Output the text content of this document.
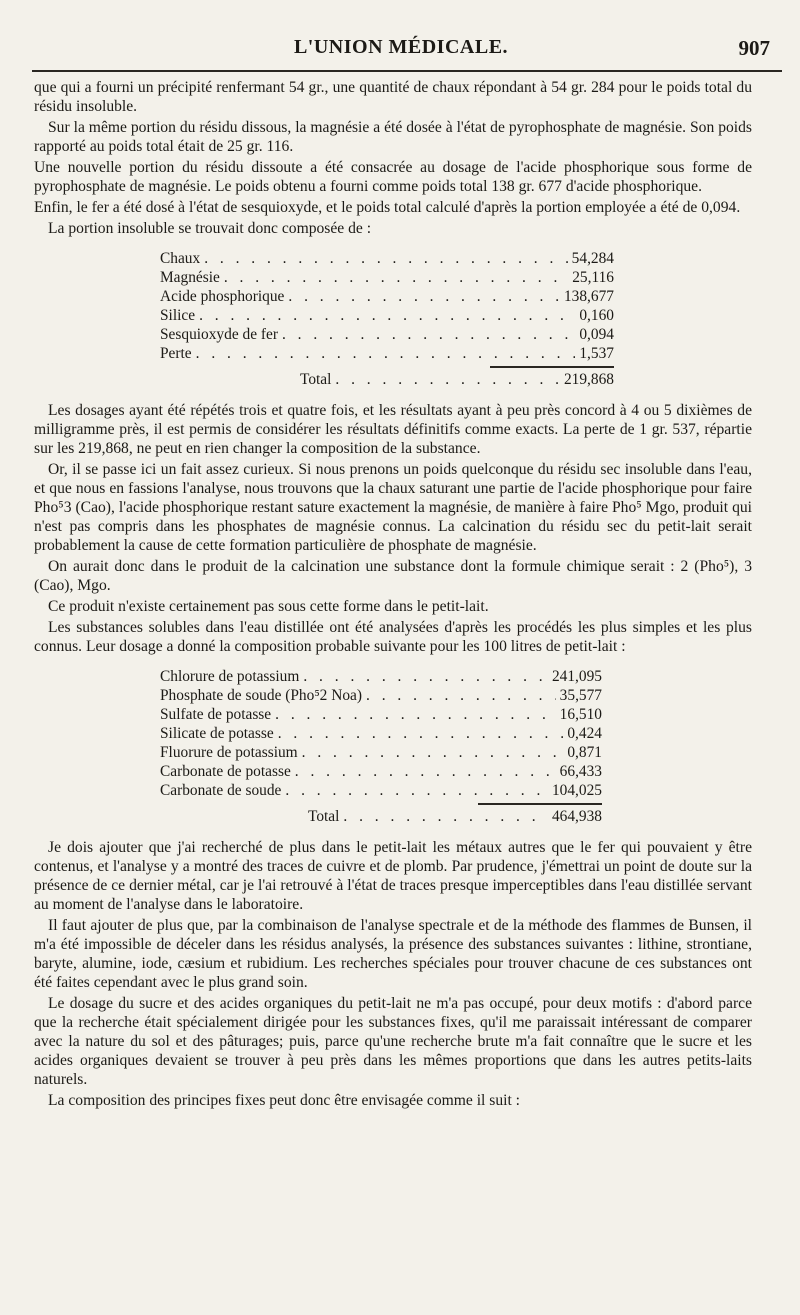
L'UNION MÉDICALE.	907

que qui a fourni un précipité renfermant 54 gr., une quantité de chaux répondant à 54 gr. 284 pour le poids total du résidu insoluble.

Sur la même portion du résidu dissous, la magnésie a été dosée à l'état de pyrophosphate de magnésie. Son poids rapporté au poids total était de 25 gr. 116.

Une nouvelle portion du résidu dissoute a été consacrée au dosage de l'acide phosphorique sous forme de pyrophosphate de magnésie. Le poids obtenu a fourni comme poids total 138 gr. 677 d'acide phosphorique.

Enfin, le fer a été dosé à l'état de sesquioxyde, et le poids total calculé d'après la portion employée a été de 0,094.

La portion insoluble se trouvait donc composée de :

Chaux . . .	54,284
Magnésie . . .	25,116
Acide phosphorique . . .	138,677
Silice . . .	0,160
Sesquioxyde de fer . . .	0,094
Perte . . .	1,537
Total . . .	219,868

Les dosages ayant été répétés trois et quatre fois, et les résultats ayant à peu près concord à 4 ou 5 dixièmes de milligramme près, il est permis de considérer les résultats définitifs comme exacts. La perte de 1 gr. 537, répartie sur les 219,868, ne peut en rien changer la composition de la substance.

Or, il se passe ici un fait assez curieux. Si nous prenons un poids quelconque du résidu sec insoluble dans l'eau, et que nous en fassions l'analyse, nous trouvons que la chaux saturant une partie de l'acide phosphorique pour faire Pho⁵3 (Cao), l'acide phosphorique restant sature exactement la magnésie, de manière à faire Pho⁵ Mgo, produit qui n'est pas compris dans les phosphates de magnésie connus. La calcination du résidu sec du petit-lait serait probablement la cause de cette formation particulière de phosphate de magnésie.

On aurait donc dans le produit de la calcination une substance dont la formule chimique serait : 2 (Pho⁵), 3 (Cao), Mgo.

Ce produit n'existe certainement pas sous cette forme dans le petit-lait.

Les substances solubles dans l'eau distillée ont été analysées d'après les procédés les plus simples et les plus connus. Leur dosage a donné la composition probable suivante pour les 100 litres de petit-lait :

Chlorure de potassium . . .	241,095
Phosphate de soude (Pho⁵2 Noa) . . .	35,577
Sulfate de potasse . . .	16,510
Silicate de potasse . . .	0,424
Fluorure de potassium . . .	0,871
Carbonate de potasse . . .	66,433
Carbonate de soude . . .	104,025
Total . . .	464,938

Je dois ajouter que j'ai recherché de plus dans le petit-lait les métaux autres que le fer qui pouvaient y être contenus, et l'analyse y a montré des traces de cuivre et de plomb. Par prudence, j'émettrai un point de doute sur la présence de ce dernier métal, car je l'ai retrouvé à l'état de traces presque imperceptibles dans l'eau distillée servant au moment de l'analyse dans le laboratoire.

Il faut ajouter de plus que, par la combinaison de l'analyse spectrale et de la méthode des flammes de Bunsen, il m'a été impossible de déceler dans les résidus analysés, la présence des substances suivantes : lithine, strontiane, baryte, alumine, iode, cæsium et rubidium. Les recherches spéciales pour trouver chacune de ces substances ont été faites cependant avec le plus grand soin.

Le dosage du sucre et des acides organiques du petit-lait ne m'a pas occupé, pour deux motifs : d'abord parce que la recherche était spécialement dirigée pour les substances fixes, qu'il me paraissait intéressant de comparer avec la nature du sol et des pâturages; puis, parce qu'une recherche brute m'a fait connaître que le sucre et les acides organiques devaient se trouver à peu près dans les mêmes proportions que dans les autres petits-laits naturels.

La composition des principes fixes peut donc être envisagée comme il suit :
